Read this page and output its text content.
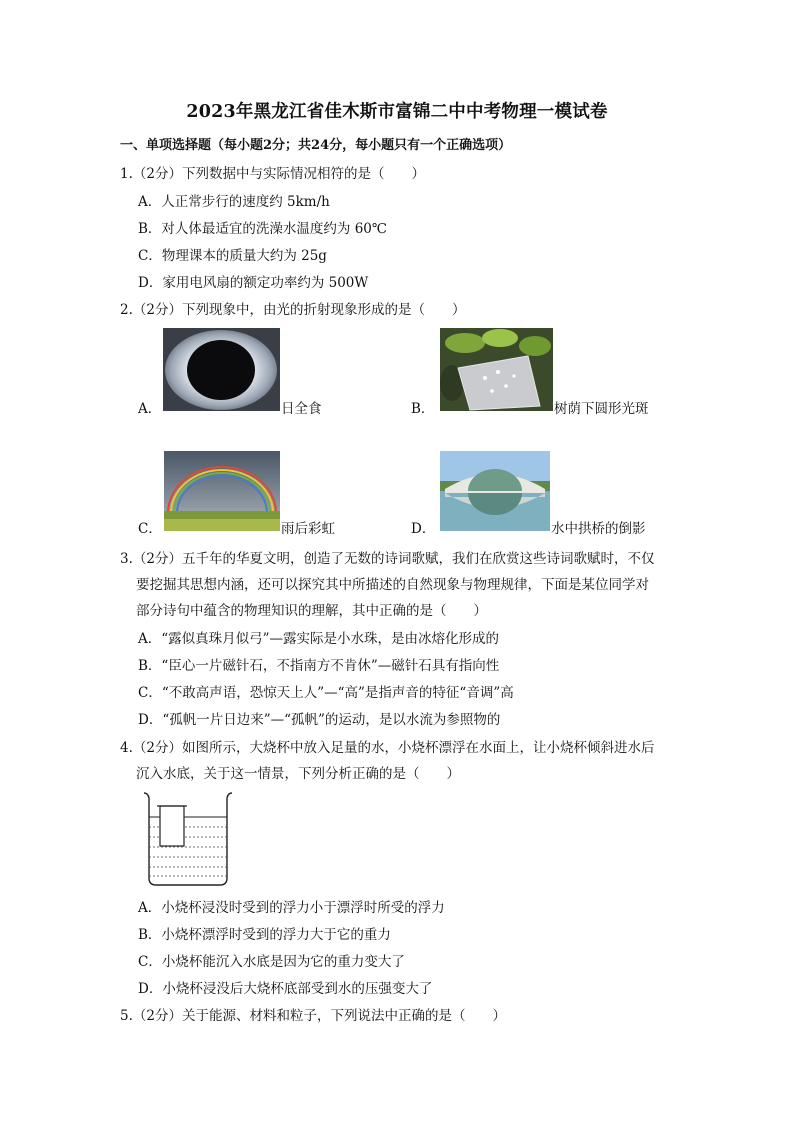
2023年黑龙江省佳木斯市富锦二中中考物理一模试卷
一、单项选择题（每小题2分；共24分，每小题只有一个正确选项）
1.（2分）下列数据中与实际情况相符的是（　　）
A．人正常步行的速度约 5km/h
B．对人体最适宜的洗澡水温度约为 60℃
C．物理课本的质量大约为 25g
D．家用电风扇的额定功率约为 500W
2.（2分）下列现象中，由光的折射现象形成的是（　　）
A．	日全食	B．	树荫下圆形光斑
C．	雨后彩虹	D．	水中拱桥的倒影
3.（2分）五千年的华夏文明，创造了无数的诗词歌赋，我们在欣赏这些诗词歌赋时，不仅
要挖掘其思想内涵，还可以探究其中所描述的自然现象与物理规律，下面是某位同学对
部分诗句中蕴含的物理知识的理解，其中正确的是（　　）
A．“露似真珠月似弓”—露实际是小水珠，是由冰熔化形成的
B．“臣心一片磁针石，不指南方不肯休”—磁针石具有指向性
C．“不敢高声语，恐惊天上人”—“高”是指声音的特征“音调”高
D．“孤帆一片日边来”—“孤帆”的运动，是以水流为参照物的
4.（2分）如图所示，大烧杯中放入足量的水，小烧杯漂浮在水面上，让小烧杯倾斜进水后
沉入水底，关于这一情景，下列分析正确的是（　　）
A．小烧杯浸没时受到的浮力小于漂浮时所受的浮力
B．小烧杯漂浮时受到的浮力大于它的重力
C．小烧杯能沉入水底是因为它的重力变大了
D．小烧杯浸没后大烧杯底部受到水的压强变大了
5.（2分）关于能源、材料和粒子，下列说法中正确的是（　　）
